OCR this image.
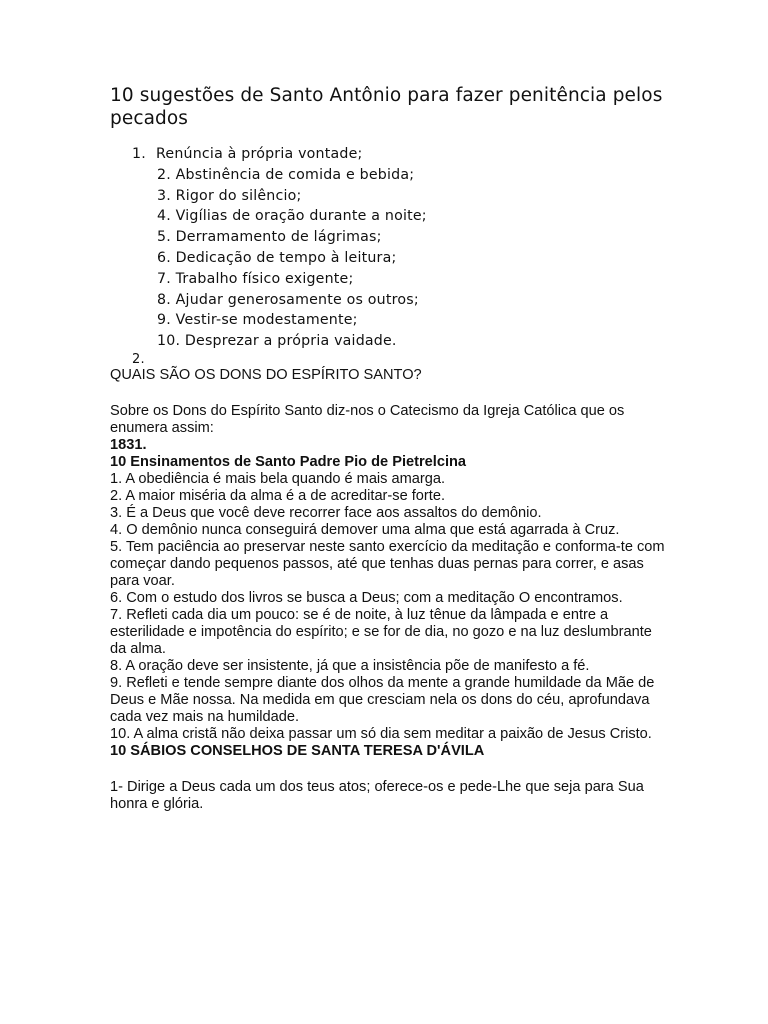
10 sugestões de Santo Antônio para fazer penitência pelos pecados
1. Renúncia à própria vontade;
2. Abstinência de comida e bebida;
3. Rigor do silêncio;
4. Vigílias de oração durante a noite;
5. Derramamento de lágrimas;
6. Dedicação de tempo à leitura;
7. Trabalho físico exigente;
8. Ajudar generosamente os outros;
9. Vestir-se modestamente;
10. Desprezar a própria vaidade.
2.

QUAIS SÃO OS DONS DO ESPÍRITO SANTO?

Sobre os Dons do Espírito Santo diz-nos o Catecismo da Igreja Católica que os enumera assim:

1831.

10 Ensinamentos de Santo Padre Pio de Pietrelcina

1. A obediência é mais bela quando é mais amarga.
2. A maior miséria da alma é a de acreditar-se forte.
3. É a Deus que você deve recorrer face aos assaltos do demônio.
4. O demônio nunca conseguirá demover uma alma que está agarrada à Cruz.
5. Tem paciência ao preservar neste santo exercício da meditação e conforma-te com começar dando pequenos passos, até que tenhas duas pernas para correr, e asas para voar.
6. Com o estudo dos livros se busca a Deus; com a meditação O encontramos.
7. Refleti cada dia um pouco: se é de noite, à luz tênue da lâmpada e entre a esterilidade e impotência do espírito; e se for de dia, no gozo e na luz deslumbrante da alma.
8. A oração deve ser insistente, já que a insistência põe de manifesto a fé.
9. Refleti e tende sempre diante dos olhos da mente a grande humildade da Mãe de Deus e Mãe nossa. Na medida em que cresciam nela os dons do céu, aprofundava cada vez mais na humildade.
10. A alma cristã não deixa passar um só dia sem meditar a paixão de Jesus Cristo.

10 SÁBIOS CONSELHOS DE SANTA TERESA D'ÁVILA

1- Dirige a Deus cada um dos teus atos; oferece-os e pede-Lhe que seja para Sua honra e glória.
